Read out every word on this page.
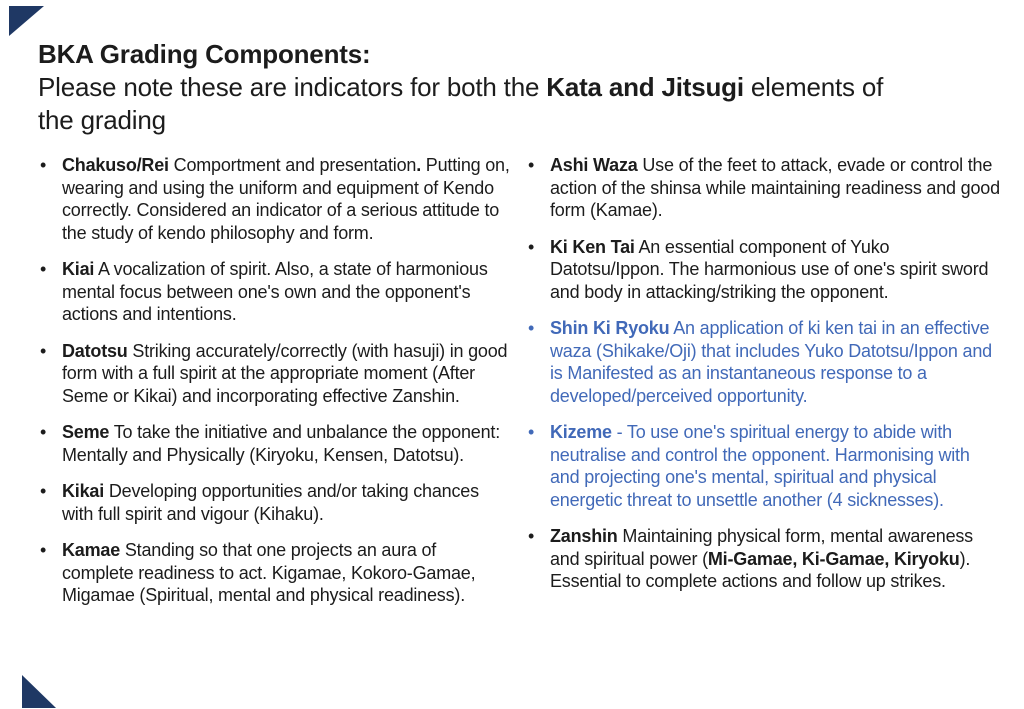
BKA Grading Components:

Please note these are indicators for both the Kata and Jitsugi elements of
the grading

• Chakuso/Rei Comportment and presentation. Putting on, wearing and using the uniform and equipment of Kendo correctly. Considered an indicator of a serious attitude to the study of kendo philosophy and form.
• Kiai A vocalization of spirit. Also, a state of harmonious mental focus between one's own and the opponent's actions and intentions.
• Datotsu Striking accurately/correctly (with hasuji) in good form with a full spirit at the appropriate moment (After Seme or Kikai) and incorporating effective Zanshin.
• Seme To take the initiative and unbalance the opponent: Mentally and Physically (Kiryoku, Kensen, Datotsu).
• Kikai Developing opportunities and/or taking chances with full spirit and vigour (Kihaku).
• Kamae Standing so that one projects an aura of complete readiness to act. Kigamae, Kokoro-Gamae, Migamae (Spiritual, mental and physical readiness).
• Ashi Waza Use of the feet to attack, evade or control the action of the shinsa while maintaining readiness and good form (Kamae).
• Ki Ken Tai An essential component of Yuko Datotsu/Ippon. The harmonious use of one's spirit sword and body in attacking/striking the opponent.
• Shin Ki Ryoku An application of ki ken tai in an effective waza (Shikake/Oji) that includes Yuko Datotsu/Ippon and is Manifested as an instantaneous response to a developed/perceived opportunity.
• Kizeme - To use one's spiritual energy to abide with neutralise and control the opponent. Harmonising with and projecting one's mental, spiritual and physical energetic threat to unsettle another (4 sicknesses).
• Zanshin Maintaining physical form, mental awareness and spiritual power (Mi-Gamae, Ki-Gamae, Kiryoku). Essential to complete actions and follow up strikes.
